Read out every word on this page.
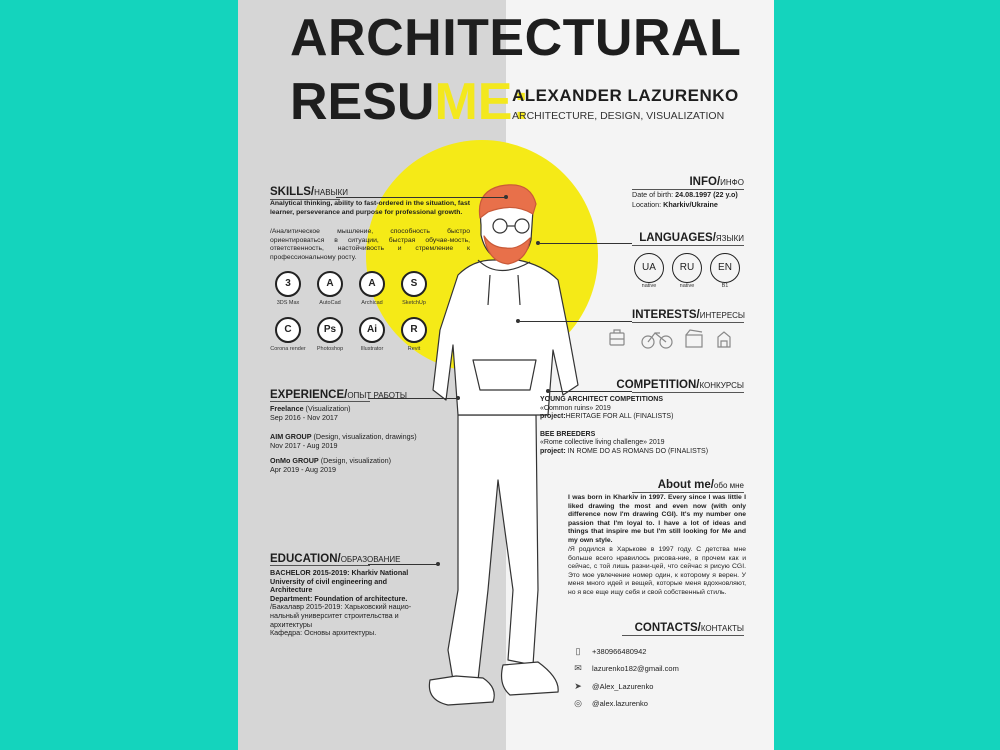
ARCHITECTURAL
RESUME:
ALEXANDER LAZURENKO
ARCHITECTURE, DESIGN, VISUALIZATION
SKILLS/НАВЫКИ
Analytical thinking, ability to fast-ordered in the situation, fast learner, perseverance and purpose for professional growth.
/Аналитическое мышление, способность быстро ориентироваться в ситуации, быстрая обучае-мость, ответственность, настойчивость и стремление к профессиональному росту.
3
3DS Max
A
AutoCad
A
Archicad
S
SketchUp
C
Corona render
Ps
Photoshop
Ai
Illustrator
R
Revit
EXPERIENCE/ОПЫТ РАБОТЫ
Freelance (Visualization)
Sep 2016 - Nov 2017
AIM GROUP (Design, visualization, drawings)
Nov 2017 - Aug 2019
OnMo GROUP (Design, visualization)
Apr 2019 - Aug 2019
EDUCATION/ОБРАЗОВАНИЕ
BACHELOR 2015-2019: Kharkiv National University of civil engineering and Architecture
Department: Foundation of architecture.
/Бакалавр 2015-2019: Харьковский нацио-нальный университет строительства и архитектуры
Кафедра: Основы архитектуры.
INFO/ИНФО
Date of birth: 24.08.1997 (22 y.o)
Location: Kharkiv/Ukraine
LANGUAGES/ЯЗЫКИ
UA
native
RU
native
EN
B1
INTERESTS/ИНТЕРЕСЫ
COMPETITION/КОНКУРСЫ
YOUNG ARCHITECT COMPETITIONS
«Common ruins» 2019
project:HERITAGE FOR ALL (FINALISTS)
BEE BREEDERS
«Rome collective living challenge» 2019
project: IN ROME DO AS ROMANS DO (FINALISTS)
About me/обо мне
I was born in Kharkiv in 1997. Every since I was little I liked drawing the most and even now (with only difference now I'm drawing CGI). It's my number one passion that I'm loyal to. I have a lot of ideas and things that inspire me but I'm still looking for Me and my own style.
/Я родился в Харькове в 1997 году. С детства мне больше всего нравилось рисова-ние, в прочем как и сейчас, с той лишь разни-цей, что сейчас я рисую CGI. Это мое увлечение номер один, к которому я верен. У меня много идей и вещей, которые меня вдохновляют, но я все еще ищу себя и свой собственный стиль.
CONTACTS/КОНТАКТЫ
▯ +380966480942
✉ lazurenko182@gmail.com
➤ @Alex_Lazurenko
◎ @alex.lazurenko
